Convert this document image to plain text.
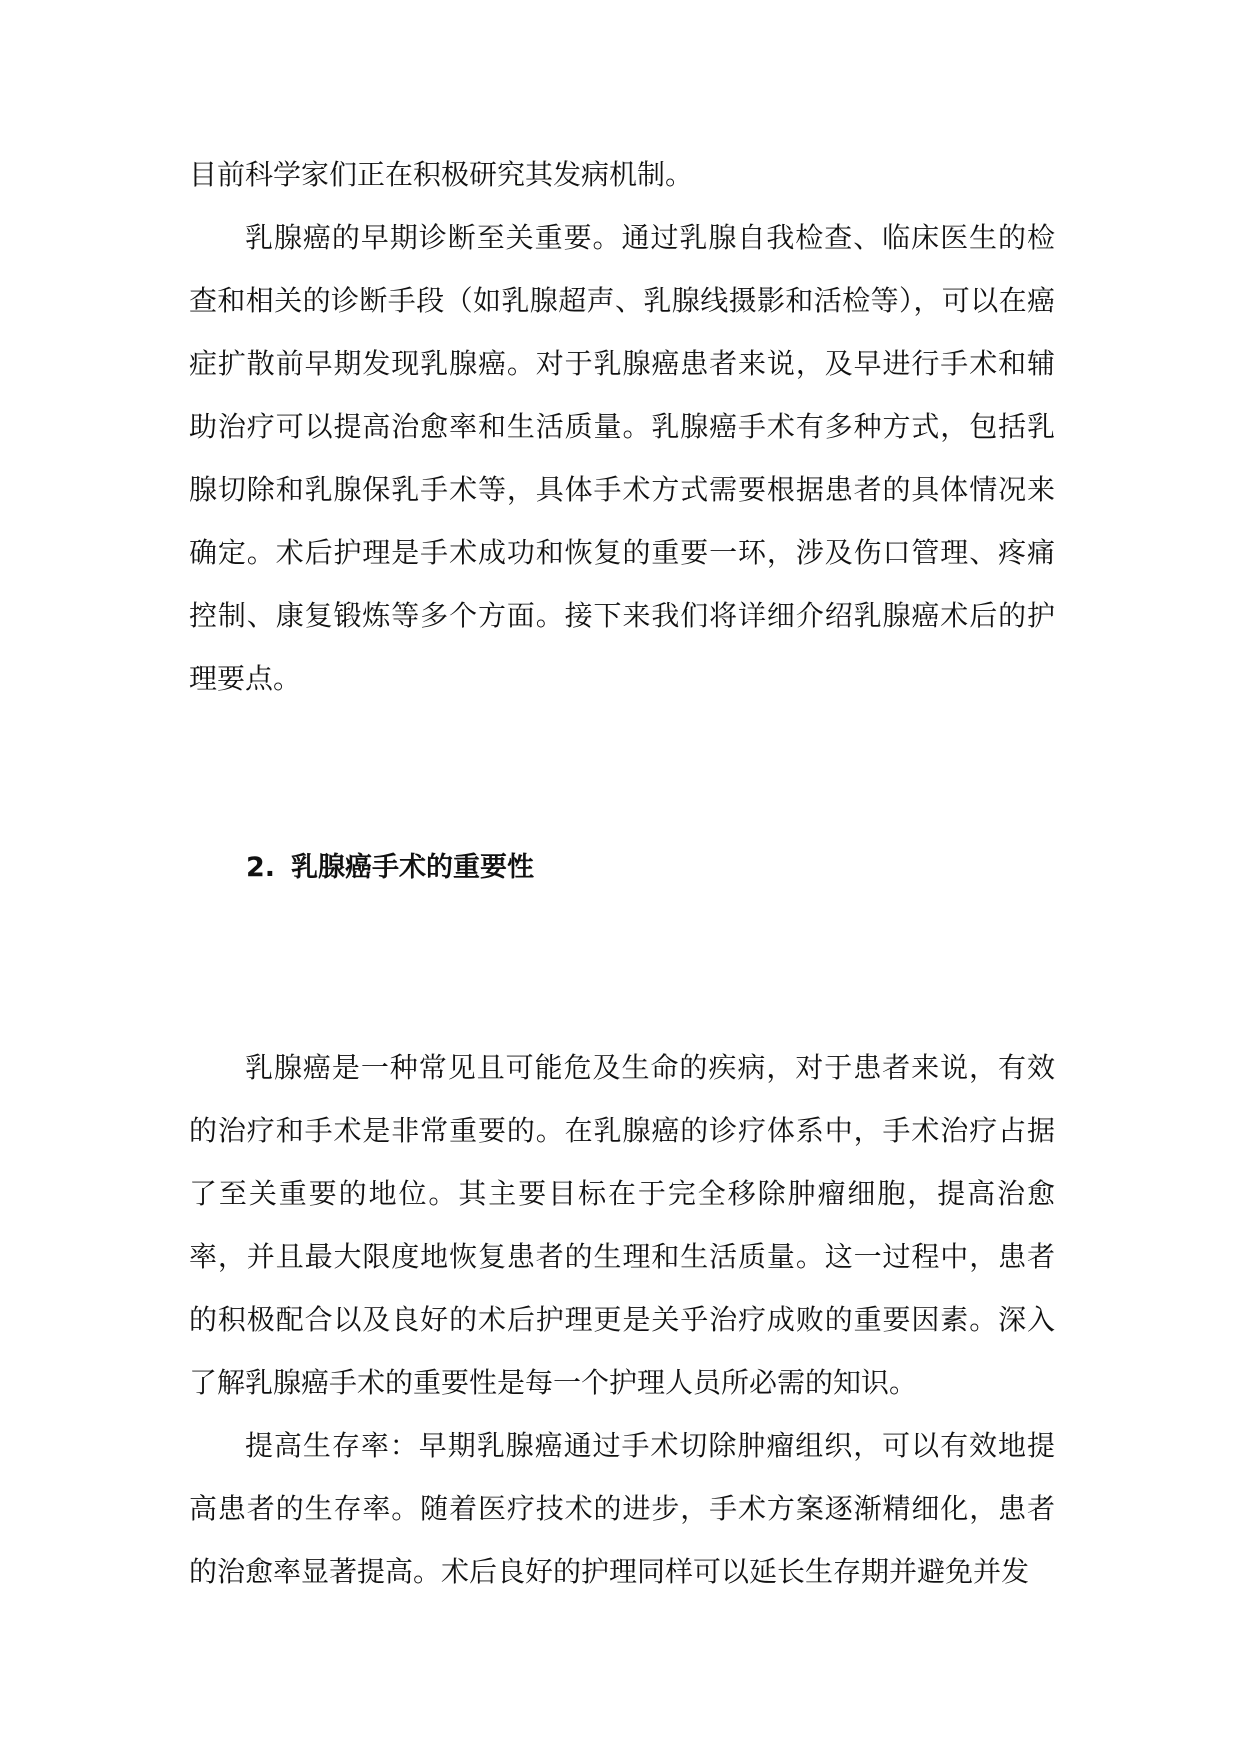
目前科学家们正在积极研究其发病机制。

乳腺癌的早期诊断至关重要。通过乳腺自我检查、临床医生的检查和相关的诊断手段（如乳腺超声、乳腺线摄影和活检等），可以在癌症扩散前早期发现乳腺癌。对于乳腺癌患者来说，及早进行手术和辅助治疗可以提高治愈率和生活质量。乳腺癌手术有多种方式，包括乳腺切除和乳腺保乳手术等，具体手术方式需要根据患者的具体情况来确定。术后护理是手术成功和恢复的重要一环，涉及伤口管理、疼痛控制、康复锻炼等多个方面。接下来我们将详细介绍乳腺癌术后的护理要点。

2. 乳腺癌手术的重要性

乳腺癌是一种常见且可能危及生命的疾病，对于患者来说，有效的治疗和手术是非常重要的。在乳腺癌的诊疗体系中，手术治疗占据了至关重要的地位。其主要目标在于完全移除肿瘤细胞，提高治愈率，并且最大限度地恢复患者的生理和生活质量。这一过程中，患者的积极配合以及良好的术后护理更是关乎治疗成败的重要因素。深入了解乳腺癌手术的重要性是每一个护理人员所必需的知识。

提高生存率：早期乳腺癌通过手术切除肿瘤组织，可以有效地提高患者的生存率。随着医疗技术的进步，手术方案逐渐精细化，患者的治愈率显著提高。术后良好的护理同样可以延长生存期并避免并发
